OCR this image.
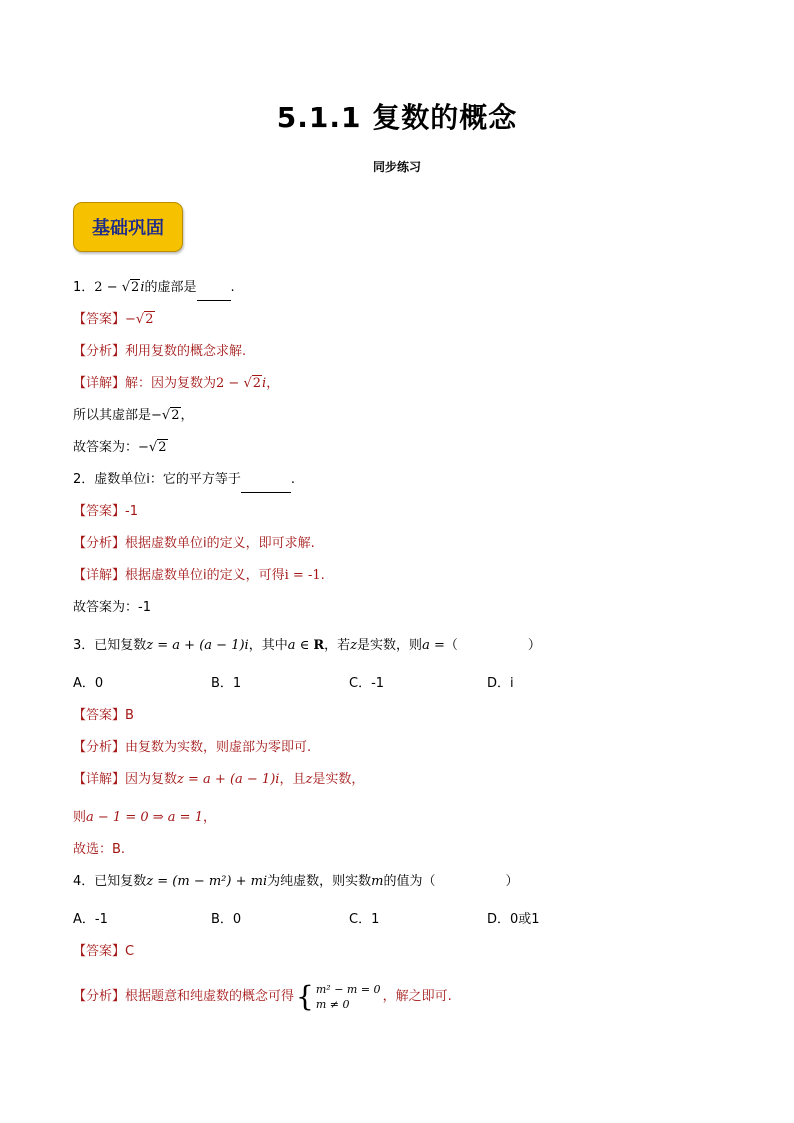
5.1.1 复数的概念
同步练习
基础巩固
1．2 − √2i的虚部是	.
【答案】−√2
【分析】利用复数的概念求解.
【详解】解：因为复数为2 − √2i，
所以其虚部是−√2，
故答案为：−√2
2．虚数单位i：它的平方等于	.
【答案】-1
【分析】根据虚数单位i的定义，即可求解.
【详解】根据虚数单位i的定义，可得i = -1.
故答案为：-1
3．已知复数z = a + (a − 1)i，其中a ∈ R，若z是实数，则a =（	）
A．0	B．1	C．-1	D．i
【答案】B
【分析】由复数为实数，则虚部为零即可.
【详解】因为复数z = a + (a − 1)i，且z是实数，
则a − 1 = 0 ⇒ a = 1，
故选：B.
4．已知复数z = (m − m²) + mi为纯虚数，则实数m的值为（	）
A．-1	B．0	C．1	D．0或1
【答案】C
【分析】根据题意和纯虚数的概念可得 { m² − m = 0
m ≠ 0	，解之即可.
